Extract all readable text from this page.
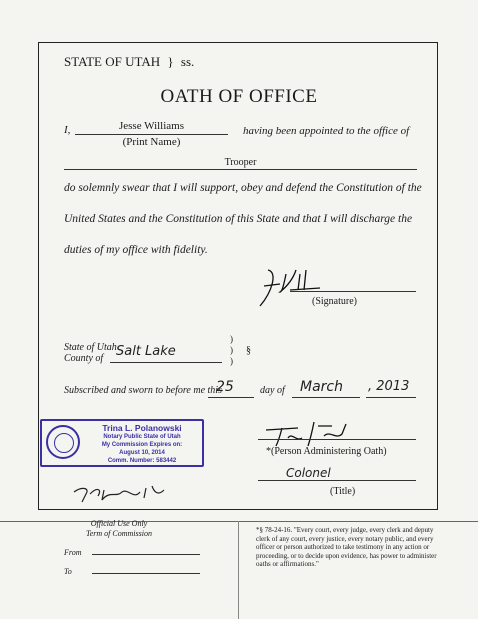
STATE OF UTAH } ss.
OATH OF OFFICE
I,	Jesse Williams
(Print Name)
having been appointed to the office of
Trooper
do solemnly swear that I will support, obey and defend the Constitution of the
United States and the Constitution of this State and that I will discharge the
duties of my office with fidelity.
(Signature)
State of Utah
County of Salt Lake
)
)
)
§
Subscribed and sworn to before me this
25	day of March , 2013
Trina L. Polanowski
Notary Public State of Utah
My Commission Expires on:
August 10, 2014
Comm. Number: 583442
*(Person Administering Oath)
Colonel
(Title)
Official Use Only
Term of Commission
From
To
*§ 78-24-16. "Every court, every judge, every clerk and deputy clerk of any court, every justice, every notary public, and every officer or person authorized to take testimony in any action or proceeding, or to decide upon evidence, has power to administer oaths or affirmations."
